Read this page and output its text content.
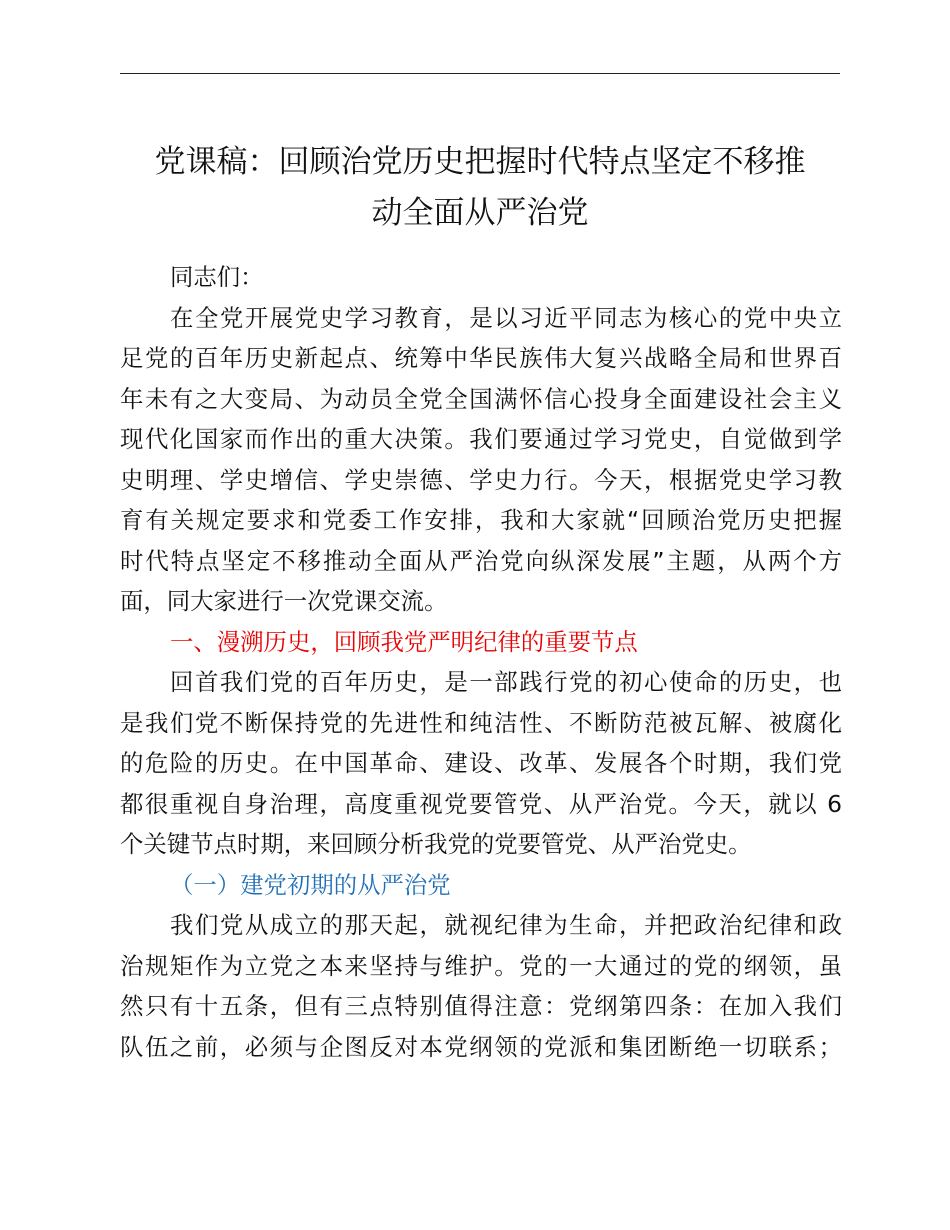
党课稿：回顾治党历史把握时代特点坚定不移推
动全面从严治党
同志们：
在全党开展党史学习教育，是以习近平同志为核心的党中央立
足党的百年历史新起点、统筹中华民族伟大复兴战略全局和世界百
年未有之大变局、为动员全党全国满怀信心投身全面建设社会主义
现代化国家而作出的重大决策。我们要通过学习党史，自觉做到学
史明理、学史增信、学史崇德、学史力行。今天，根据党史学习教
育有关规定要求和党委工作安排，我和大家就“回顾治党历史把握
时代特点坚定不移推动全面从严治党向纵深发展”主题，从两个方
面，同大家进行一次党课交流。
一、漫溯历史，回顾我党严明纪律的重要节点
回首我们党的百年历史，是一部践行党的初心使命的历史，也
是我们党不断保持党的先进性和纯洁性、不断防范被瓦解、被腐化
的危险的历史。在中国革命、建设、改革、发展各个时期，我们党
都很重视自身治理，高度重视党要管党、从严治党。今天，就以 6
个关键节点时期，来回顾分析我党的党要管党、从严治党史。
（一）建党初期的从严治党
我们党从成立的那天起，就视纪律为生命，并把政治纪律和政
治规矩作为立党之本来坚持与维护。党的一大通过的党的纲领，虽
然只有十五条，但有三点特别值得注意：党纲第四条：在加入我们
队伍之前，必须与企图反对本党纲领的党派和集团断绝一切联系；
